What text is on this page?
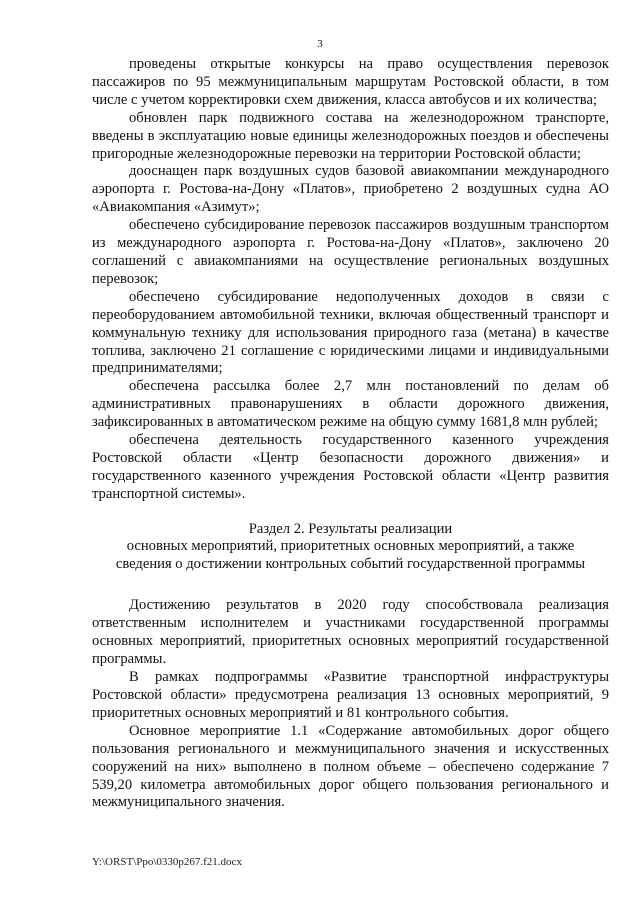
3

проведены открытые конкурсы на право осуществления перевозок пассажиров по 95 межмуниципальным маршрутам Ростовской области, в том числе с учетом корректировки схем движения, класса автобусов и их количества;

обновлен парк подвижного состава на железнодорожном транспорте, введены в эксплуатацию новые единицы железнодорожных поездов и обеспечены пригородные железнодорожные перевозки на территории Ростовской области;

дооснащен парк воздушных судов базовой авиакомпании международного аэропорта г. Ростова-на-Дону «Платов», приобретено 2 воздушных судна АО «Авиакомпания «Азимут»;

обеспечено субсидирование перевозок пассажиров воздушным транспортом из международного аэропорта г. Ростова-на-Дону «Платов», заключено 20 соглашений с авиакомпаниями на осуществление региональных воздушных перевозок;

обеспечено субсидирование недополученных доходов в связи с переоборудованием автомобильной техники, включая общественный транспорт и коммунальную технику для использования природного газа (метана) в качестве топлива, заключено 21 соглашение с юридическими лицами и индивидуальными предпринимателями;

обеспечена рассылка более 2,7 млн постановлений по делам об административных правонарушениях в области дорожного движения, зафиксированных в автоматическом режиме на общую сумму 1681,8 млн рублей;

обеспечена деятельность государственного казенного учреждения Ростовской области «Центр безопасности дорожного движения» и государственного казенного учреждения Ростовской области «Центр развития транспортной системы».

Раздел 2. Результаты реализации
основных мероприятий, приоритетных основных мероприятий, а также
сведения о достижении контрольных событий государственной программы

Достижению результатов в 2020 году способствовала реализация ответственным исполнителем и участниками государственной программы основных мероприятий, приоритетных основных мероприятий государственной программы.

В рамках подпрограммы «Развитие транспортной инфраструктуры Ростовской области» предусмотрена реализация 13 основных мероприятий, 9 приоритетных основных мероприятий и 81 контрольного события.

Основное мероприятие 1.1 «Содержание автомобильных дорог общего пользования регионального и межмуниципального значения и искусственных сооружений на них» выполнено в полном объеме – обеспечено содержание 7 539,20 километра автомобильных дорог общего пользования регионального и межмуниципального значения.

Y:\ORST\Ppo\0330p267.f21.docx
